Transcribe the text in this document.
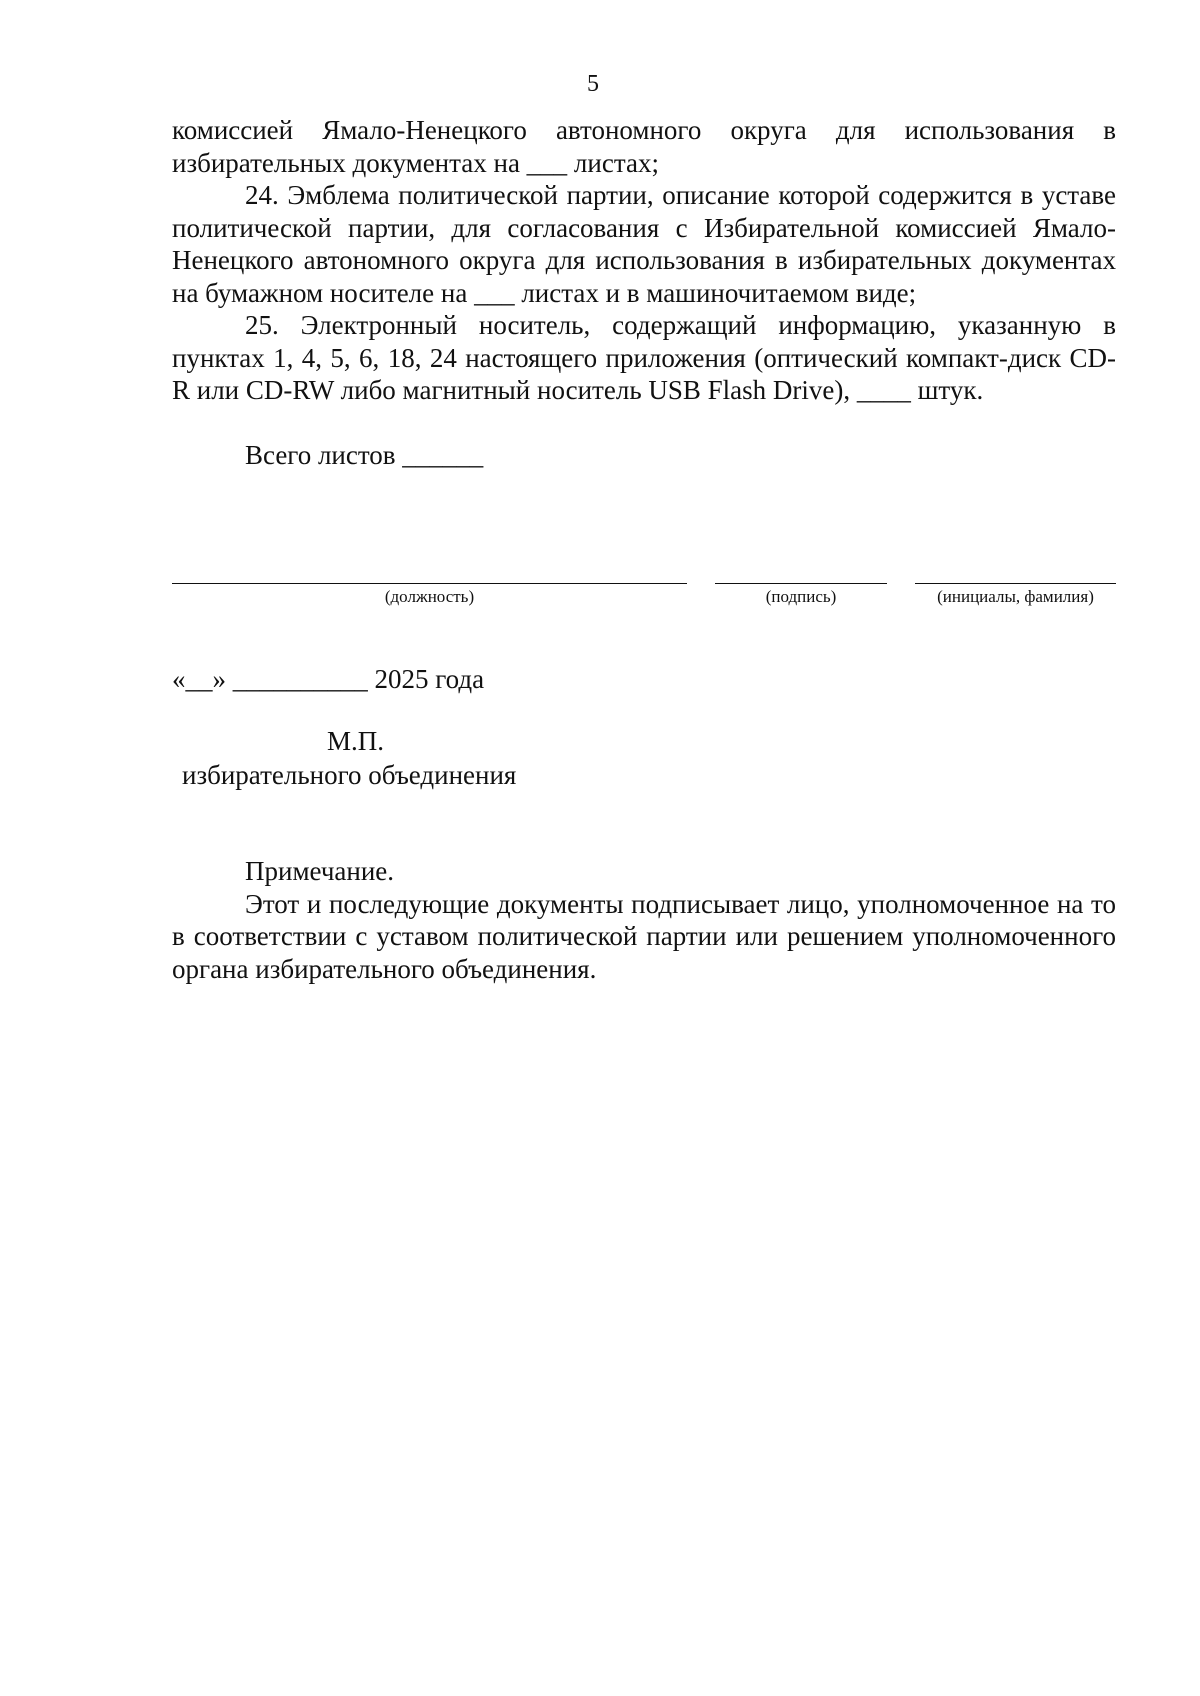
5

комиссией Ямало-Ненецкого автономного округа для использования в избирательных документах на ___ листах;

24. Эмблема политической партии, описание которой содержится в уставе политической партии, для согласования с Избирательной комиссией Ямало-Ненецкого автономного округа для использования в избирательных документах на бумажном носителе на ___ листах и в машиночитаемом виде;

25. Электронный носитель, содержащий информацию, указанную в пунктах 1, 4, 5, 6, 18, 24 настоящего приложения (оптический компакт-диск CD-R или CD-RW либо магнитный носитель USB Flash Drive), ____ штук.

Всего листов ______

(должность)	(подпись)	(инициалы, фамилия)
«__» __________ 2025 года
М.П.
избирательного объединения

Примечание.

Этот и последующие документы подписывает лицо, уполномоченное на то в соответствии с уставом политической партии или решением уполномоченного органа избирательного объединения.
